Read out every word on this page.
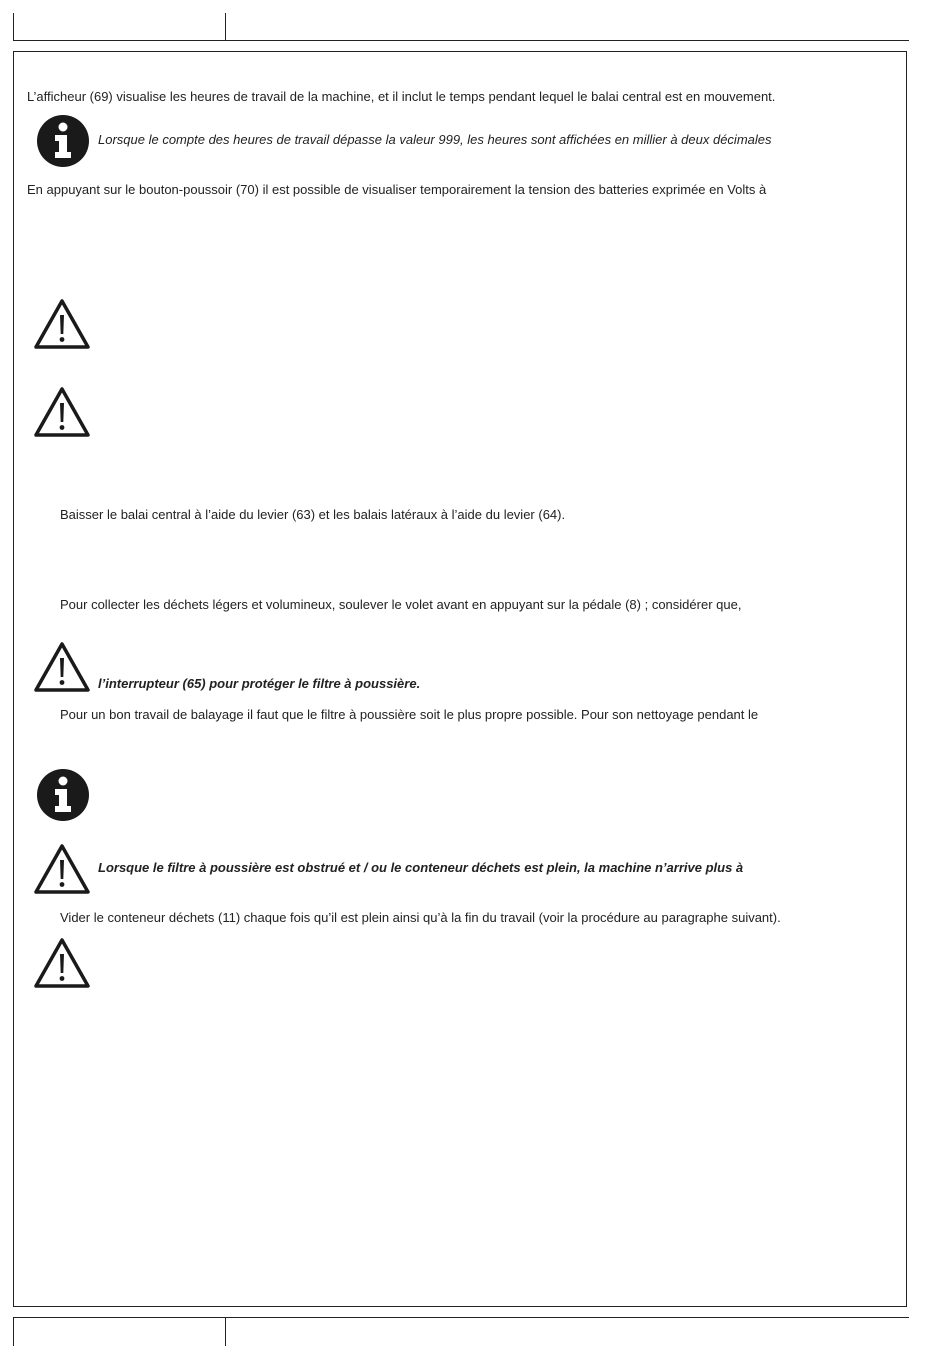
L’afficheur (69) visualise les heures de travail de la machine, et il inclut le temps pendant lequel le balai central est en mouvement.
Lorsque le compte des heures de travail dépasse la valeur 999, les heures sont affichées en millier à deux décimales
En appuyant sur le bouton-poussoir (70) il est possible de visualiser temporairement la tension des batteries exprimée en Volts à
Baisser le balai central à l’aide du levier (63) et les balais latéraux à l’aide du levier (64).
Pour collecter les déchets légers et volumineux, soulever le volet avant en appuyant sur la pédale (8) ; considérer que,
l’interrupteur (65) pour protéger le filtre à poussière.
Pour un bon travail de balayage il faut que le filtre à poussière soit le plus propre possible. Pour son nettoyage pendant le
Lorsque le filtre à poussière est obstrué et / ou le conteneur déchets est plein, la machine n’arrive plus à
Vider le conteneur déchets (11) chaque fois qu’il est plein ainsi qu’à la fin du travail (voir la procédure au paragraphe suivant).
